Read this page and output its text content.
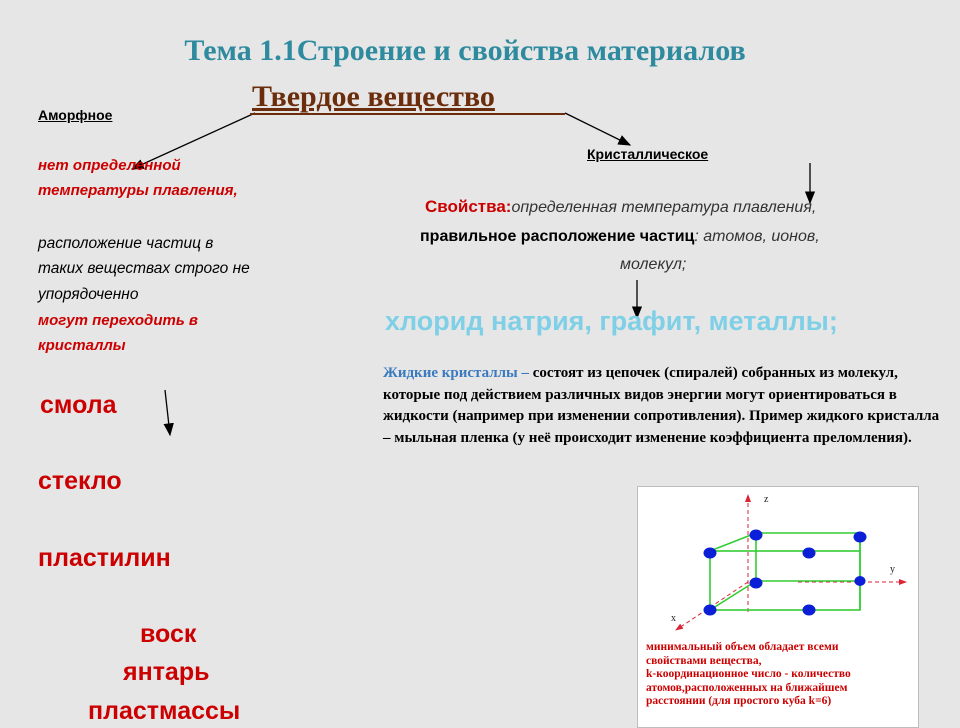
Тема 1.1Строение и свойства материалов
Твердое вещество
Аморфное
нет определенной
температуры плавления,
расположение частиц в
таких веществах строго не
упорядоченно
могут переходить в
кристаллы
смола
стекло
пластилин
воск
янтарь
пластмассы
Кристаллическое
Свойства:определенная температура плавления,
правильное расположение частиц: атомов, ионов,
молекул;
хлорид натрия, графит, металлы;
Жидкие кристаллы – состоят из цепочек (спиралей) собранных из молекул, которые под действием различных видов энергии могут ориентироваться в жидкости (например при изменении сопротивления). Пример жидкого кристалла – мыльная пленка (у неё происходит изменение коэффициента преломления).
z
y
x
минимальный объем обладает всеми
свойствами вещества,
k-координационное число - количество
атомов,расположенных на ближайшем
расстоянии (для простого куба k=6)
